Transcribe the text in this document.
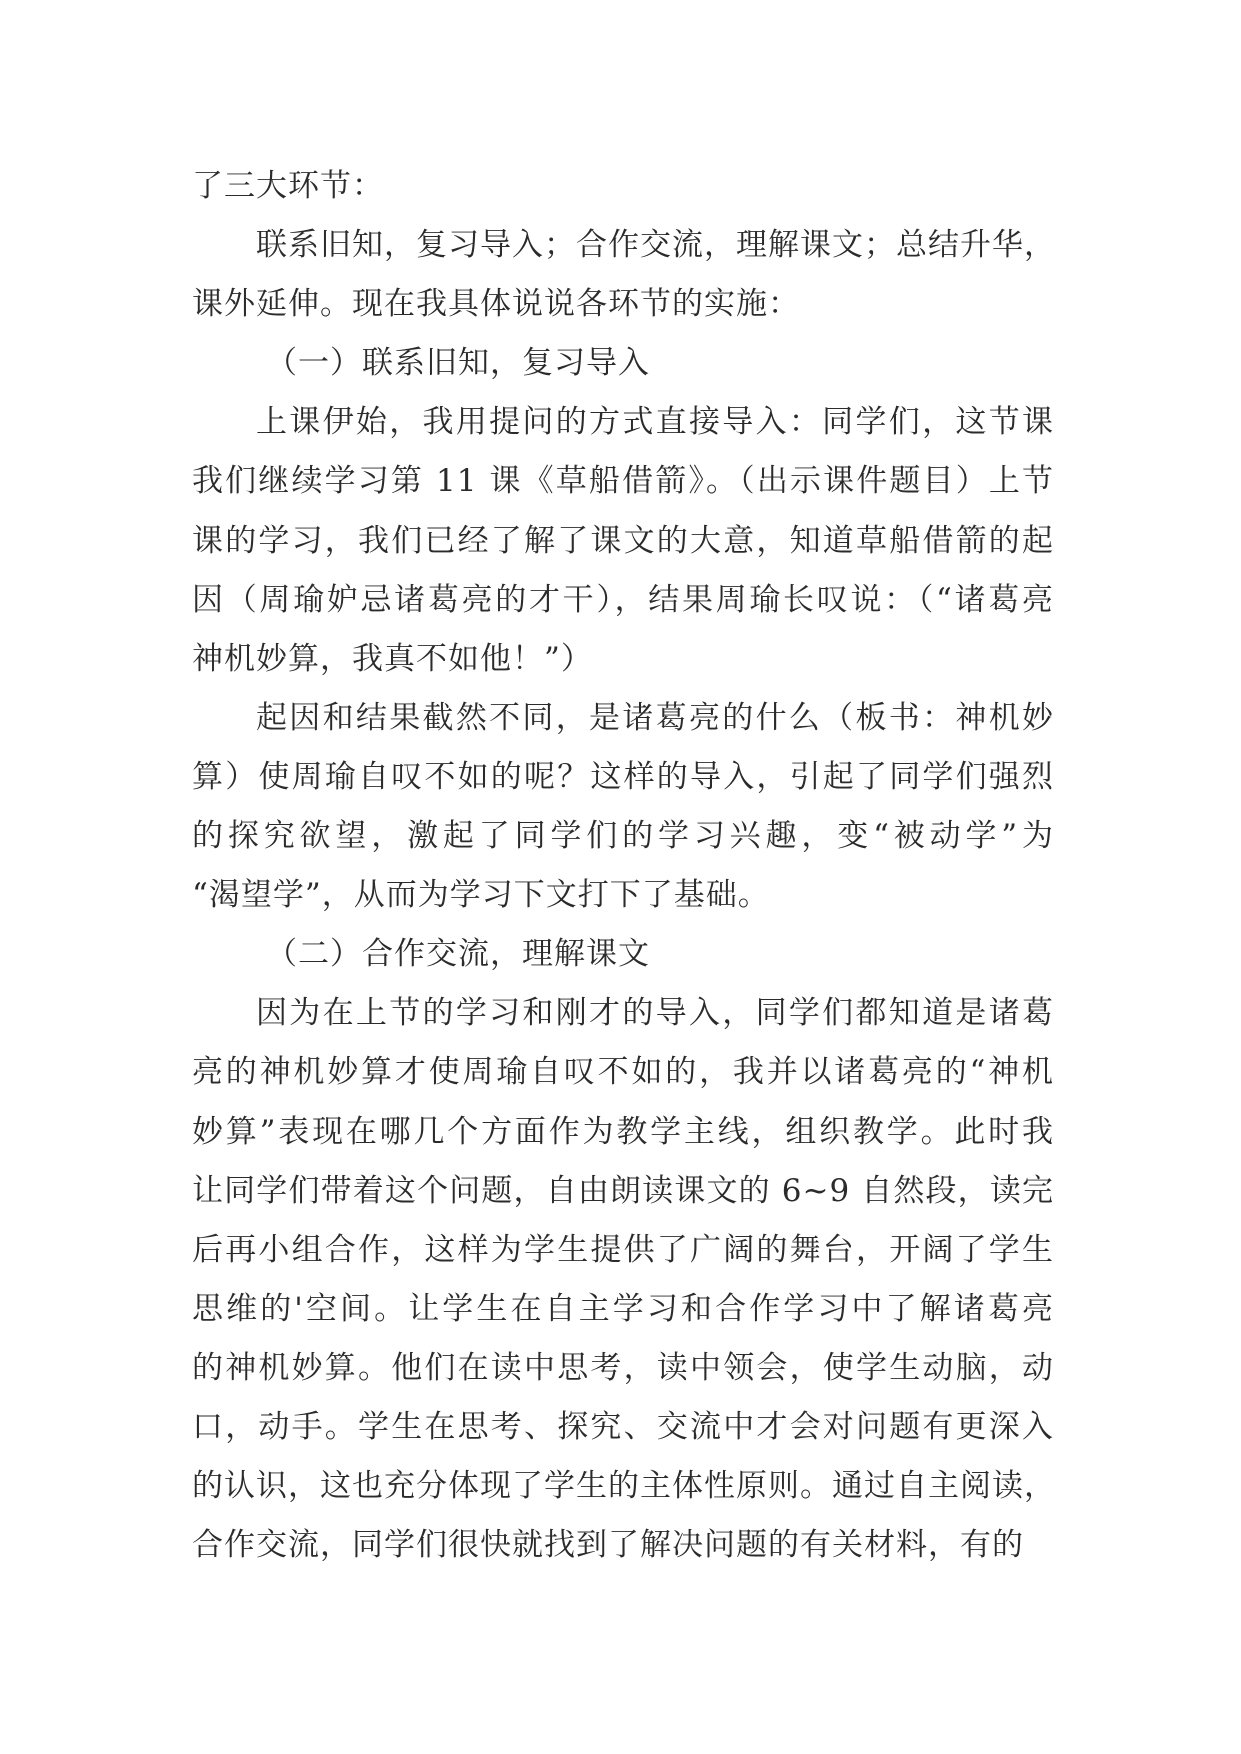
了三大环节：
联系旧知，复习导入；合作交流，理解课文；总结升华，
课外延伸。现在我具体说说各环节的实施：
（一）联系旧知，复习导入
上课伊始，我用提问的方式直接导入：同学们，这节课
我们继续学习第 11 课《草船借箭》。（出示课件题目）上节
课的学习，我们已经了解了课文的大意，知道草船借箭的起
因（周瑜妒忌诸葛亮的才干），结果周瑜长叹说：（“诸葛亮
神机妙算，我真不如他！”）
起因和结果截然不同，是诸葛亮的什么（板书：神机妙
算）使周瑜自叹不如的呢？这样的导入，引起了同学们强烈
的探究欲望，激起了同学们的学习兴趣，变“被动学”为
“渴望学”，从而为学习下文打下了基础。
（二）合作交流，理解课文
因为在上节的学习和刚才的导入，同学们都知道是诸葛
亮的神机妙算才使周瑜自叹不如的，我并以诸葛亮的“神机
妙算”表现在哪几个方面作为教学主线，组织教学。此时我
让同学们带着这个问题，自由朗读课文的 6~9 自然段，读完
后再小组合作，这样为学生提供了广阔的舞台，开阔了学生
思维的'空间。让学生在自主学习和合作学习中了解诸葛亮
的神机妙算。他们在读中思考，读中领会，使学生动脑，动
口，动手。学生在思考、探究、交流中才会对问题有更深入
的认识，这也充分体现了学生的主体性原则。通过自主阅读，
合作交流，同学们很快就找到了解决问题的有关材料，有的
